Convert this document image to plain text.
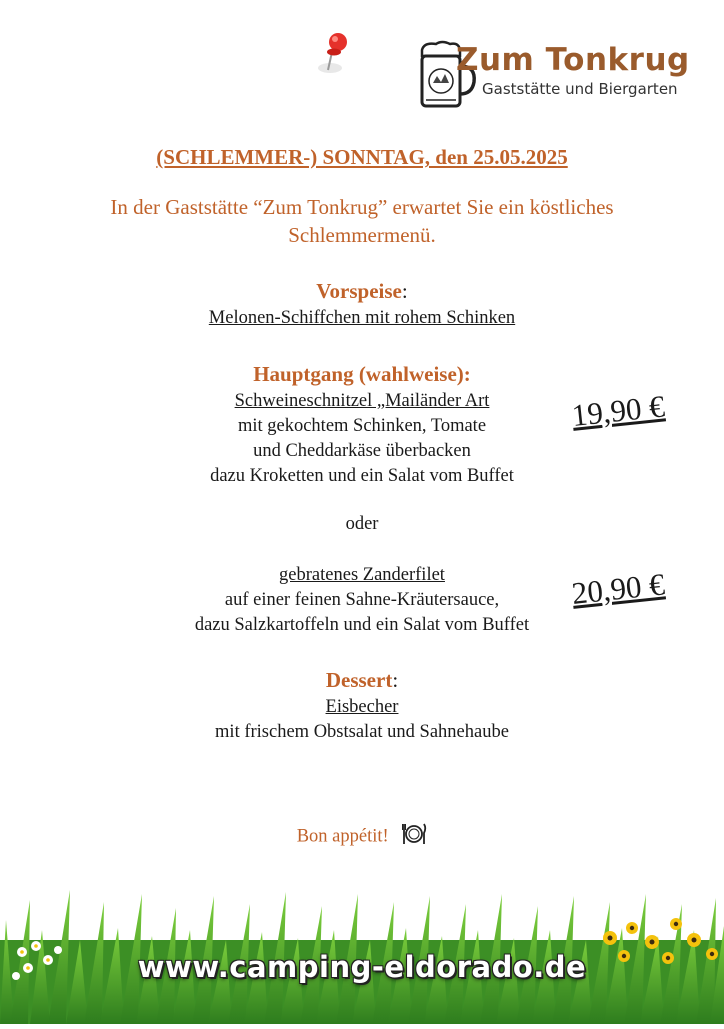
Zum Tonkrug
Gaststätte und Biergarten
(SCHLEMMER-) SONNTAG, den 25.05.2025
In der Gaststätte “Zum Tonkrug” erwartet Sie ein köstliches
Schlemmermenü.
Vorspeise:
Melonen-Schiffchen mit rohem Schinken
Hauptgang (wahlweise):
Schweineschnitzel „Mailänder Art
mit gekochtem Schinken, Tomate
und Cheddarkäse überbacken
dazu Kroketten und ein Salat vom Buffet
19,90 €
oder
gebratenes Zanderfilet
auf einer feinen Sahne-Kräutersauce,
dazu Salzkartoffeln und ein Salat vom Buffet
20,90 €
Dessert:
Eisbecher
mit frischem Obstsalat und Sahnehaube
Bon appétit!
www.camping-eldorado.de
